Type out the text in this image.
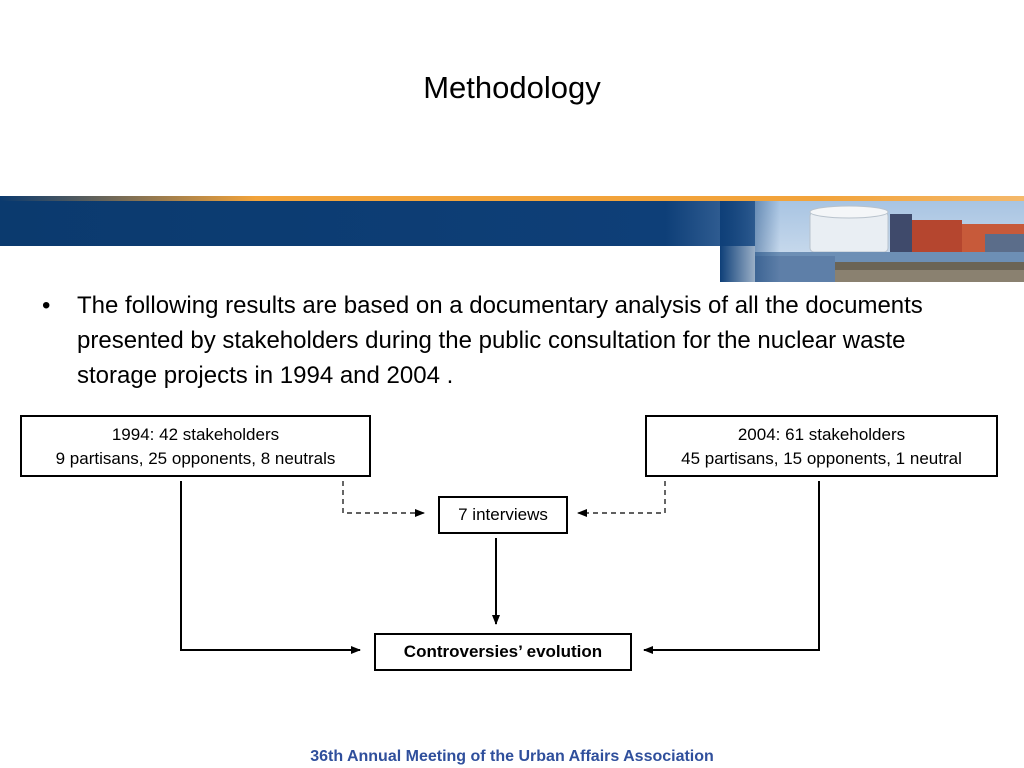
Methodology
• The following results are based on a documentary analysis of all the documents presented by stakeholders during the public consultation for the nuclear waste storage projects in 1994 and 2004 .
1994: 42 stakeholders
9 partisans, 25 opponents, 8 neutrals
2004: 61 stakeholders
45 partisans, 15 opponents, 1 neutral
7 interviews
Controversies’ evolution
36th Annual Meeting of the Urban Affairs Association
